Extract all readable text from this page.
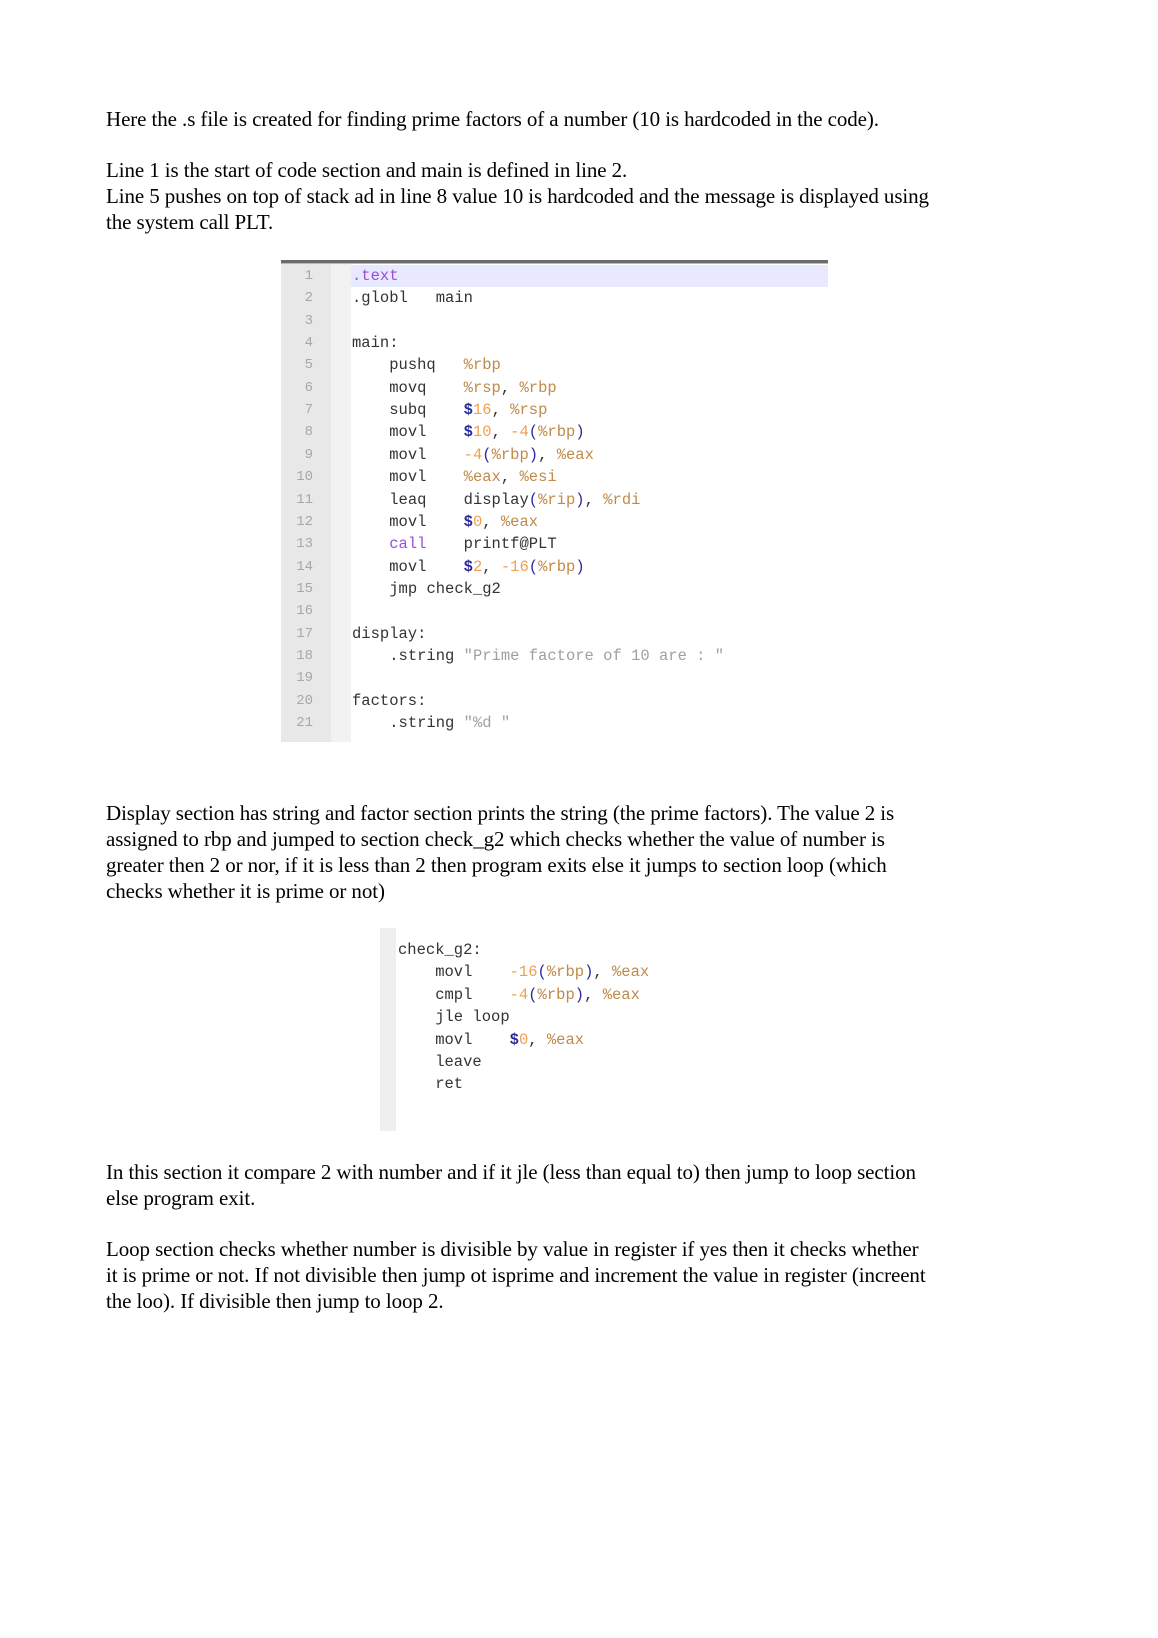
Here the .s file is created for finding prime factors of a number (10 is hardcoded in the code).

Line 1 is the start of code section and main is defined in line 2.
Line 5 pushes on top of stack ad in line 8 value 10 is hardcoded and the message is displayed using
the system call PLT.

1	.text
2	.globl   main
3
4	main:
5	pushq   %rbp
6	movq    %rsp, %rbp
7	subq    $16, %rsp
8	movl    $10, -4(%rbp)
9	movl    -4(%rbp), %eax
10	movl    %eax, %esi
11	leaq    display(%rip), %rdi
12	movl    $0, %eax
13	call    printf@PLT
14	movl    $2, -16(%rbp)
15	jmp check_g2
16
17	display:
18	.string "Prime factore of 10 are : "
19
20	factors:
21	.string "%d "

Display section has string and factor section prints the string (the prime factors). The value 2 is
assigned to rbp and jumped to section check_g2 which checks whether the value of number is
greater then 2 or nor, if it is less than 2 then program exits else it jumps to section loop (which
checks whether it is prime or not)

check_g2:
movl    -16(%rbp), %eax
cmpl    -4(%rbp), %eax
jle loop
movl    $0, %eax
leave
ret

In this section it compare 2 with number and if it jle (less than equal to) then jump to loop section
else program exit.

Loop section checks whether number is divisible by value in register if yes then it checks whether
it is prime or not. If not divisible then jump ot isprime and increment the value in register (increent
the loo). If divisible then jump to loop 2.
